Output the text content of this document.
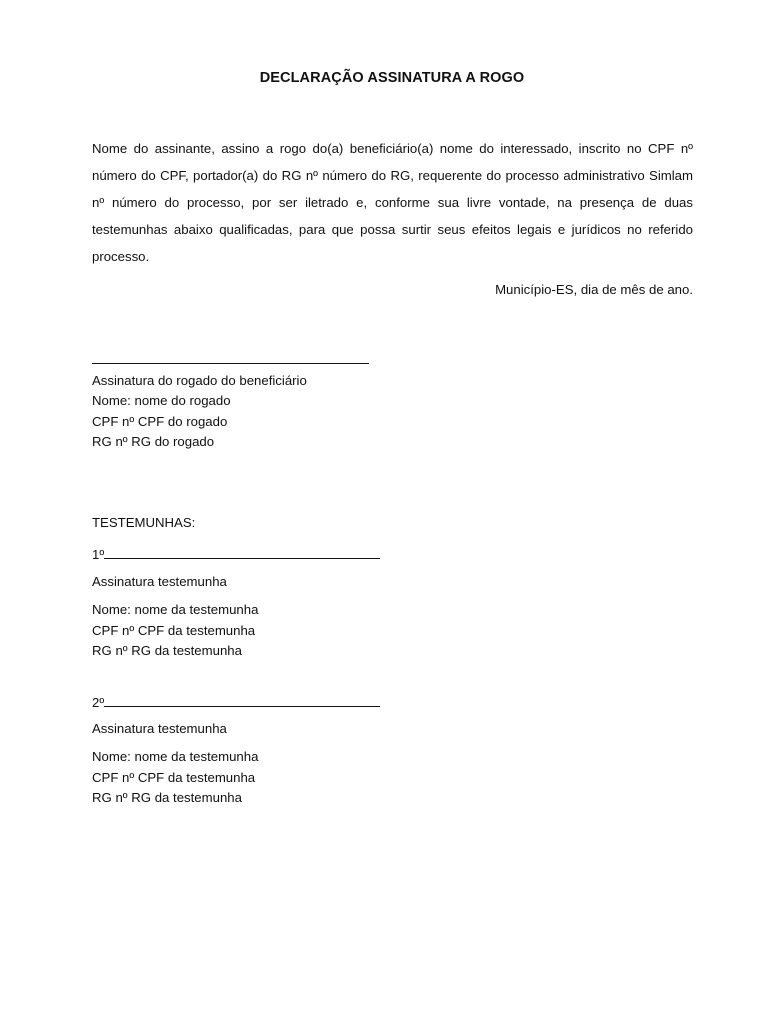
DECLARAÇÃO ASSINATURA A ROGO
Nome do assinante, assino a rogo do(a) beneficiário(a) nome do interessado, inscrito no CPF nº número do CPF, portador(a) do RG nº número do RG, requerente do processo administrativo Simlam nº número do processo, por ser iletrado e, conforme sua livre vontade, na presença de duas testemunhas abaixo qualificadas, para que possa surtir seus efeitos legais e jurídicos no referido processo.
Município-ES, dia de mês de ano.
Assinatura do rogado do beneficiário
Nome: nome do rogado
CPF nº CPF do rogado
RG nº RG do rogado
TESTEMUNHAS:
1º
Assinatura testemunha
Nome: nome da testemunha
CPF nº CPF da testemunha
RG nº RG da testemunha
2º
Assinatura testemunha
Nome: nome da testemunha
CPF nº CPF da testemunha
RG nº RG da testemunha
